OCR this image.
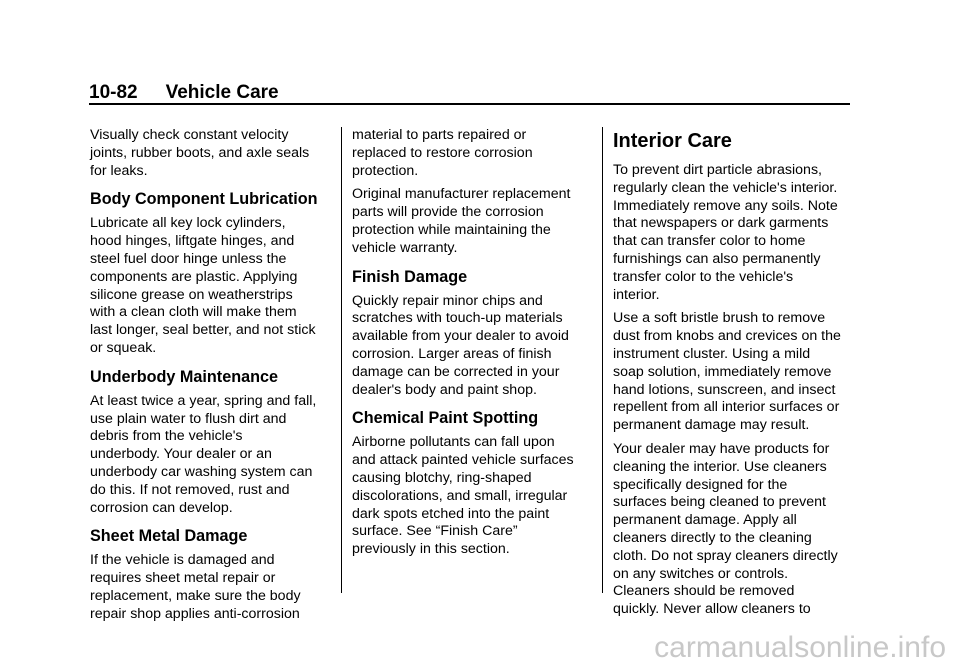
10-82 Vehicle Care

Visually check constant velocity
joints, rubber boots, and axle seals
for leaks.

Body Component Lubrication

Lubricate all key lock cylinders,
hood hinges, liftgate hinges, and
steel fuel door hinge unless the
components are plastic. Applying
silicone grease on weatherstrips
with a clean cloth will make them
last longer, seal better, and not stick
or squeak.

Underbody Maintenance

At least twice a year, spring and fall,
use plain water to flush dirt and
debris from the vehicle's
underbody. Your dealer or an
underbody car washing system can
do this. If not removed, rust and
corrosion can develop.

Sheet Metal Damage

If the vehicle is damaged and
requires sheet metal repair or
replacement, make sure the body
repair shop applies anti-corrosion

material to parts repaired or
replaced to restore corrosion
protection.

Original manufacturer replacement
parts will provide the corrosion
protection while maintaining the
vehicle warranty.

Finish Damage

Quickly repair minor chips and
scratches with touch-up materials
available from your dealer to avoid
corrosion. Larger areas of finish
damage can be corrected in your
dealer's body and paint shop.

Chemical Paint Spotting

Airborne pollutants can fall upon
and attack painted vehicle surfaces
causing blotchy, ring-shaped
discolorations, and small, irregular
dark spots etched into the paint
surface. See “Finish Care”
previously in this section.

Interior Care

To prevent dirt particle abrasions,
regularly clean the vehicle's interior.
Immediately remove any soils. Note
that newspapers or dark garments
that can transfer color to home
furnishings can also permanently
transfer color to the vehicle's
interior.

Use a soft bristle brush to remove
dust from knobs and crevices on the
instrument cluster. Using a mild
soap solution, immediately remove
hand lotions, sunscreen, and insect
repellent from all interior surfaces or
permanent damage may result.

Your dealer may have products for
cleaning the interior. Use cleaners
specifically designed for the
surfaces being cleaned to prevent
permanent damage. Apply all
cleaners directly to the cleaning
cloth. Do not spray cleaners directly
on any switches or controls.
Cleaners should be removed
quickly. Never allow cleaners to

carmanualsonline.info
